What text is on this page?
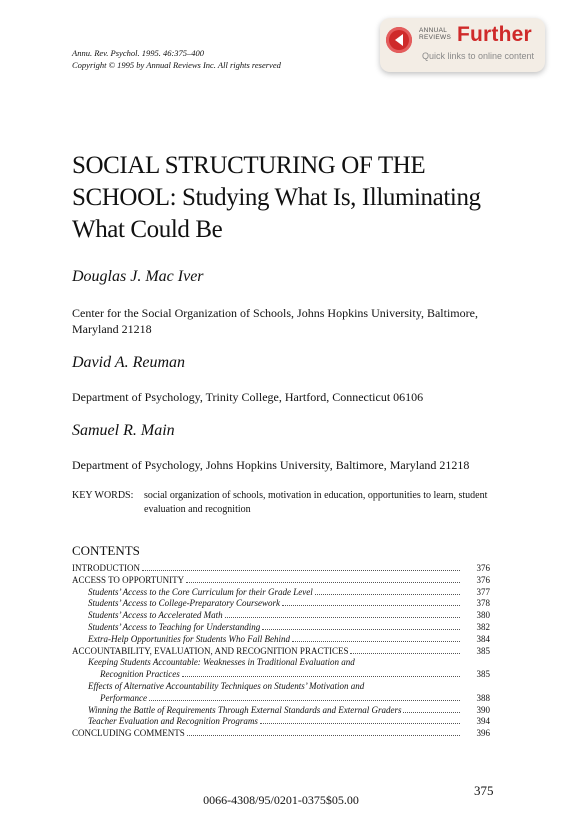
Annu. Rev. Psychol. 1995. 46:375–400
Copyright © 1995 by Annual Reviews Inc. All rights reserved
ANNUAL
REVIEWS Further
Quick links to online content
SOCIAL STRUCTURING OF THE
SCHOOL: Studying What Is, Illuminating
What Could Be
Douglas J. Mac Iver
Center for the Social Organization of Schools, Johns Hopkins University, Baltimore, Maryland 21218
David A. Reuman
Department of Psychology, Trinity College, Hartford, Connecticut 06106
Samuel R. Main
Department of Psychology, Johns Hopkins University, Baltimore, Maryland 21218
KEY WORDS: social organization of schools, motivation in education, opportunities to learn, student evaluation and recognition
CONTENTS
INTRODUCTION	376
ACCESS TO OPPORTUNITY	376
Students’ Access to the Core Curriculum for their Grade Level	377
Students’ Access to College-Preparatory Coursework	378
Students’ Access to Accelerated Math	380
Students’ Access to Teaching for Understanding	382
Extra-Help Opportunities for Students Who Fall Behind	384
ACCOUNTABILITY, EVALUATION, AND RECOGNITION PRACTICES	385
Keeping Students Accountable: Weaknesses in Traditional Evaluation and
Recognition Practices	385
Effects of Alternative Accountability Techniques on Students’ Motivation and
Performance	388
Winning the Battle of Requirements Through External Standards and External Graders	390
Teacher Evaluation and Recognition Programs	394
CONCLUDING COMMENTS	396
375
0066-4308/95/0201-0375$05.00
